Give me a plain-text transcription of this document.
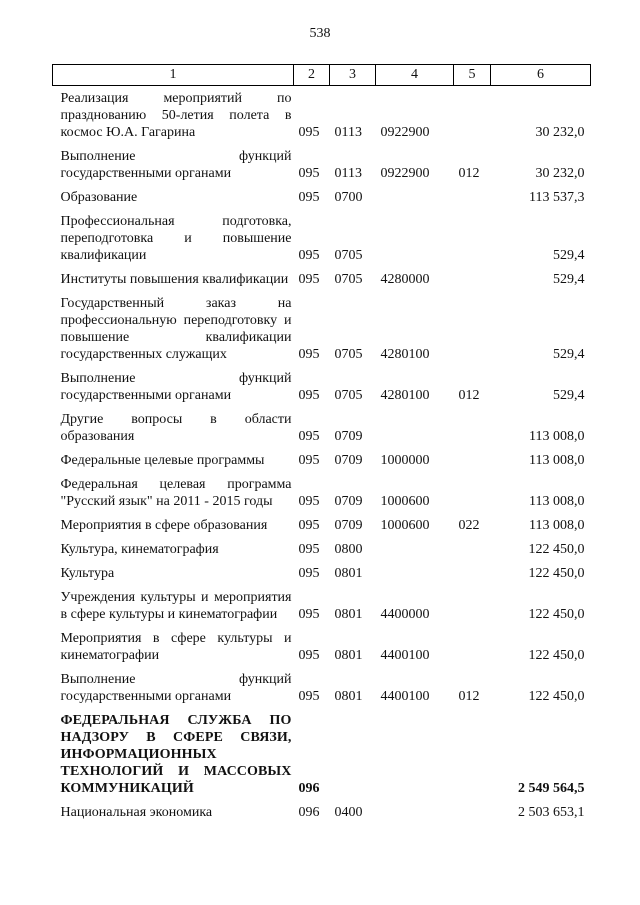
538
1	2	3	4	5	6
Реализация мероприятий по празднованию 50-летия полета в космос Ю.А. Гагарина	095	0113	0922900		30 232,0
Выполнение функций государственными органами	095	0113	0922900	012	30 232,0
Образование	095	0700			113 537,3
Профессиональная подготовка, переподготовка и повышение квалификации	095	0705			529,4
Институты повышения квалификации	095	0705	4280000		529,4
Государственный заказ на профессиональную переподготовку и повышение квалификации государственных служащих	095	0705	4280100		529,4
Выполнение функций государственными органами	095	0705	4280100	012	529,4
Другие вопросы в области образования	095	0709			113 008,0
Федеральные целевые программы	095	0709	1000000		113 008,0
Федеральная целевая программа "Русский язык" на 2011 - 2015 годы	095	0709	1000600		113 008,0
Мероприятия в сфере образования	095	0709	1000600	022	113 008,0
Культура, кинематография	095	0800			122 450,0
Культура	095	0801			122 450,0
Учреждения культуры и мероприятия в сфере культуры и кинематографии	095	0801	4400000		122 450,0
Мероприятия в сфере культуры и кинематографии	095	0801	4400100		122 450,0
Выполнение функций государственными органами	095	0801	4400100	012	122 450,0
ФЕДЕРАЛЬНАЯ СЛУЖБА ПО НАДЗОРУ В СФЕРЕ СВЯЗИ, ИНФОРМАЦИОННЫХ ТЕХНОЛОГИЙ И МАССОВЫХ КОММУНИКАЦИЙ	096				2 549 564,5
Национальная экономика	096	0400			2 503 653,1
